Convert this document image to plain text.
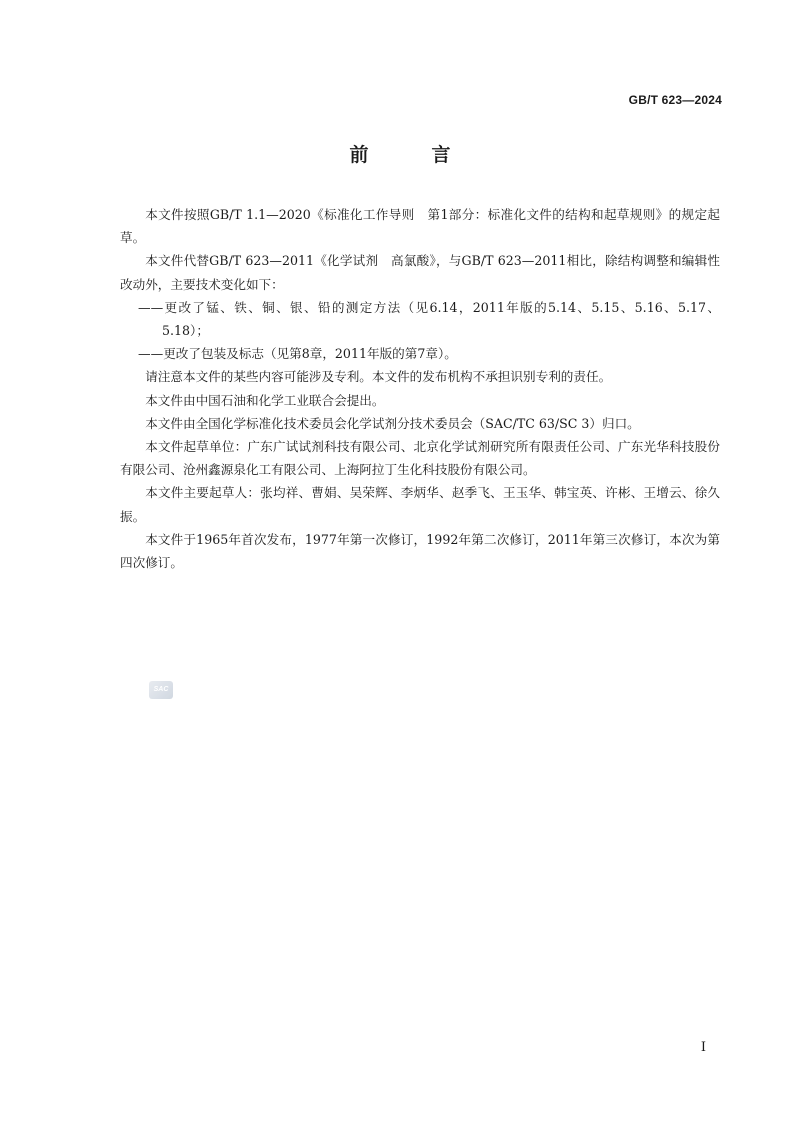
GB/T 623—2024
前　言

本文件按照GB/T 1.1—2020《标准化工作导则　第1部分：标准化文件的结构和起草规则》的规定起草。

本文件代替GB/T 623—2011《化学试剂　高氯酸》，与GB/T 623—2011相比，除结构调整和编辑性改动外，主要技术变化如下：

——更改了锰、铁、铜、银、铅的测定方法（见6.14，2011年版的5.14、5.15、5.16、5.17、5.18）；

——更改了包装及标志（见第8章，2011年版的第7章）。

请注意本文件的某些内容可能涉及专利。本文件的发布机构不承担识别专利的责任。

本文件由中国石油和化学工业联合会提出。

本文件由全国化学标准化技术委员会化学试剂分技术委员会（SAC/TC 63/SC 3）归口。

本文件起草单位：广东广试试剂科技有限公司、北京化学试剂研究所有限责任公司、广东光华科技股份有限公司、沧州鑫源泉化工有限公司、上海阿拉丁生化科技股份有限公司。

本文件主要起草人：张均祥、曹娟、吴荣辉、李炳华、赵季飞、王玉华、韩宝英、许彬、王增云、徐久振。

本文件于1965年首次发布，1977年第一次修订，1992年第二次修订，2011年第三次修订，本次为第四次修订。

SAC
I
